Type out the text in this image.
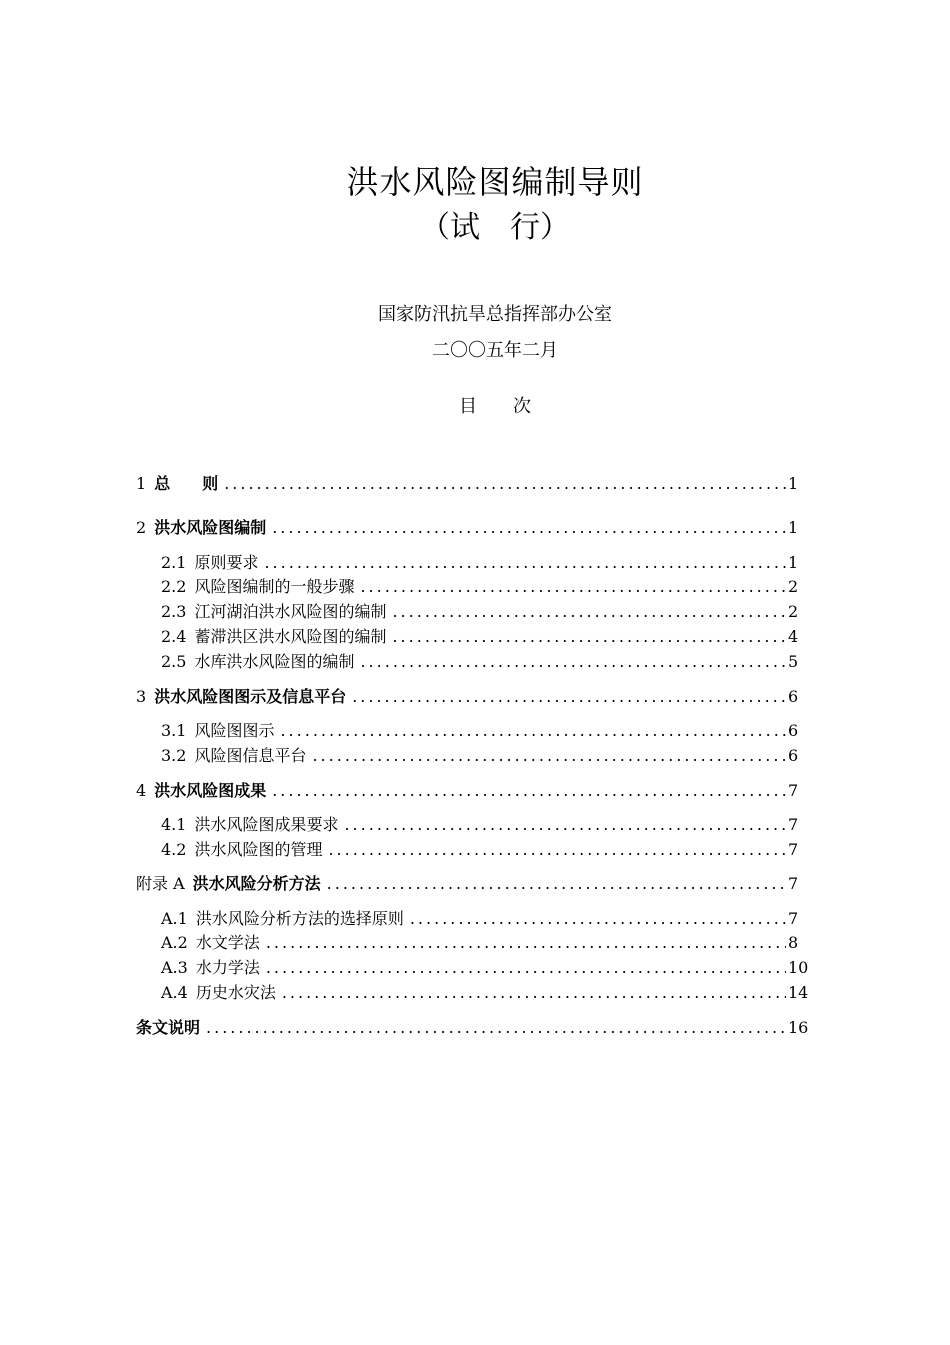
洪水风险图编制导则
（试　行）
国家防汛抗旱总指挥部办公室
二〇〇五年二月
目　　次
1 总　　则 .....	1
2 洪水风险图编制 .....	1
2.1 原则要求 .....	1
2.2 风险图编制的一般步骤 .....	2
2.3 江河湖泊洪水风险图的编制 .....	2
2.4 蓄滞洪区洪水风险图的编制 .....	4
2.5 水库洪水风险图的编制 .....	5
3 洪水风险图图示及信息平台 .....	6
3.1 风险图图示 .....	6
3.2 风险图信息平台 .....	6
4 洪水风险图成果 .....	7
4.1 洪水风险图成果要求 .....	7
4.2 洪水风险图的管理 .....	7
附录 A 洪水风险分析方法 .....	7
A.1 洪水风险分析方法的选择原则 .....	7
A.2 水文学法 .....	8
A.3 水力学法 .....	10
A.4 历史水灾法 .....	14
条文说明 .....	16
